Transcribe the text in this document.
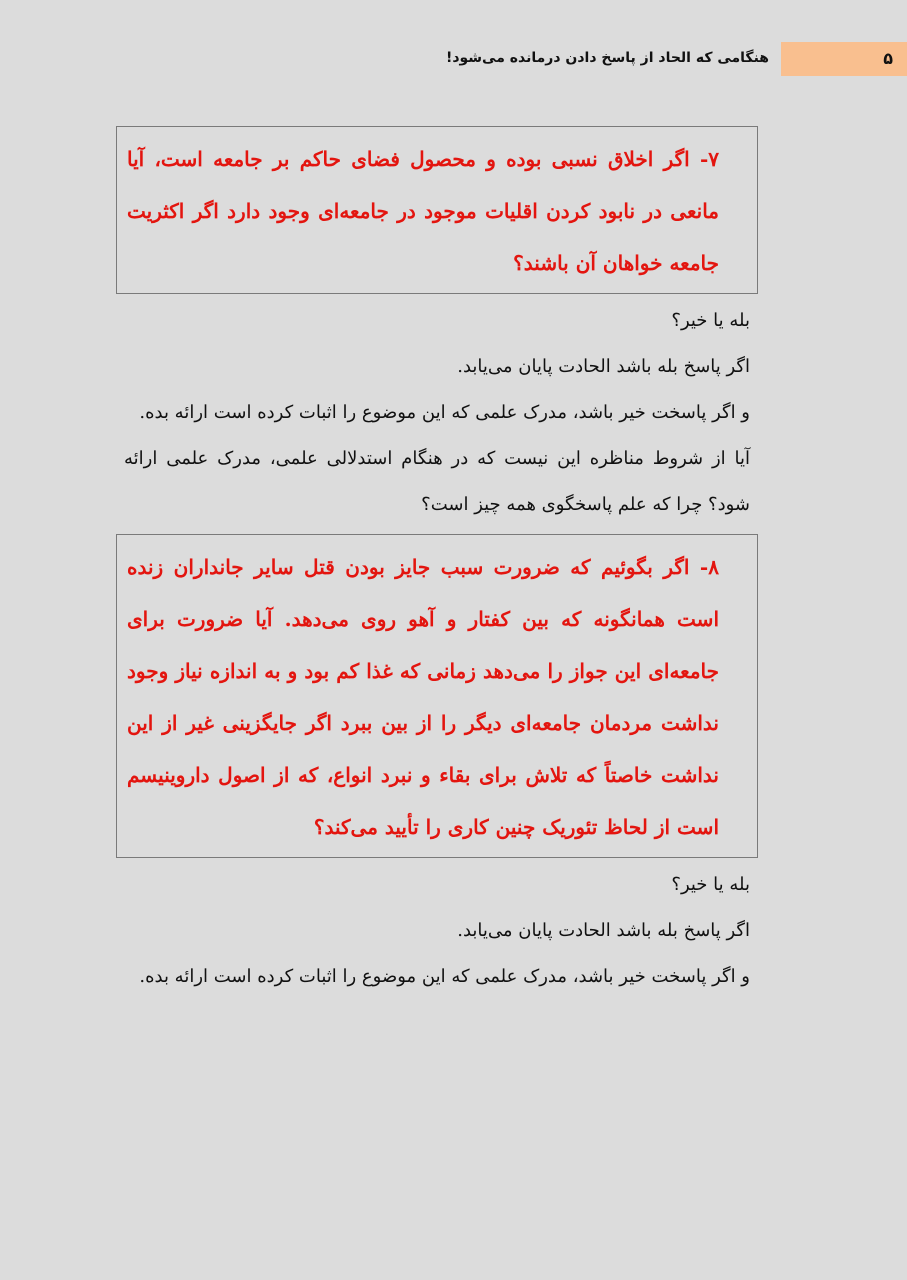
هنگامی که الحاد از پاسخ دادن درمانده می‌شود!	۵
۷- اگر اخلاق نسبی بوده و محصول فضای حاکم بر جامعه است، آیا مانعی در نابود کردن اقلیات موجود در جامعه‌ای وجود دارد اگر اکثریت جامعه خواهان آن باشند؟

بله یا خیر؟

اگر پاسخ بله باشد الحادت پایان می‌یابد.

و اگر پاسخت خیر باشد، مدرک علمی که این موضوع را اثبات کرده است ارائه بده.

آیا از شروط مناظره این نیست که در هنگام استدلالی علمی، مدرک علمی ارائه شود؟ چرا که علم پاسخگوی همه چیز است؟

۸- اگر بگوئیم که ضرورت سبب جایز بودن قتل سایر جانداران زنده است همانگونه که بین کفتار و آهو روی می‌دهد. آیا ضرورت برای جامعه‌ای این جواز را می‌دهد زمانی که غذا کم بود و به اندازه نیاز وجود نداشت مردمان جامعه‌ای دیگر را از بین ببرد اگر جایگزینی غیر از این نداشت خاصتاً که تلاش برای بقاء و نبرد انواع، که از اصول داروینیسم است از لحاظ تئوریک چنین کاری را تأیید می‌کند؟

بله یا خیر؟

اگر پاسخ بله باشد الحادت پایان می‌یابد.

و اگر پاسخت خیر باشد، مدرک علمی که این موضوع را اثبات کرده است ارائه بده.
